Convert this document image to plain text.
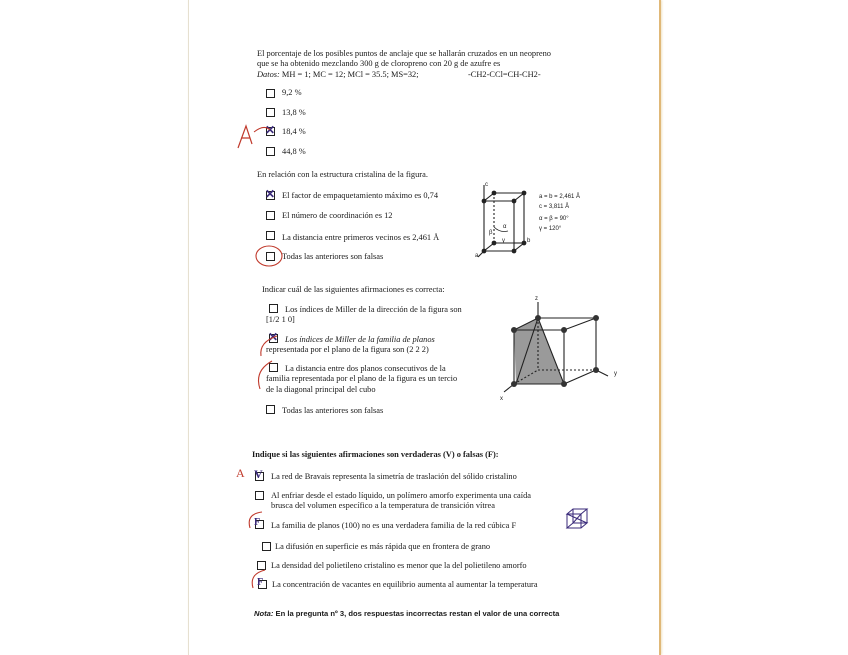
El porcentaje de los posibles puntos de anclaje que se hallarán cruzados en un neopreno
que se ha obtenido mezclando 300 g de cloropreno con 20 g de azufre es
Datos: MH = 1; MC = 12; MCl = 35.5; MS=32;	-CH2-CCl=CH-CH2-
9,2 %
13,8 %
✕ 18,4 %
44,8 %
En relación con la estructura cristalina de la figura.
✕ El factor de empaquetamiento máximo es 0,74
El número de coordinación es 12
La distancia entre primeros vecinos es 2,461 Å
Todas las anteriores son falsas
c
a
b
α
β
γ
a = b = 2,461 Å
c = 3,811 Å
α = β = 90°
γ = 120°
Indicar cuál de las siguientes afirmaciones es correcta:
Los índices de Miller de la dirección de la figura son
[1/2 1 0]
✕ Los índices de Miller de la familia de planos
representada por el plano de la figura son (2 2 2)
La distancia entre dos planos consecutivos de la
familia representada por el plano de la figura es un tercio
de la diagonal principal del cubo
Todas las anteriores son falsas
z
y
x
Indique si las siguientes afirmaciones son verdaderas (V) o falsas (F):
V La red de Bravais representa la simetría de traslación del sólido cristalino
A
Al enfriar desde el estado líquido, un polímero amorfo experimenta una caída
brusca del volumen específico a la temperatura de transición vítrea
F La familia de planos (100) no es una verdadera familia de la red cúbica F
La difusión en superficie es más rápida que en frontera de grano
La densidad del polietileno cristalino es menor que la del polietileno amorfo
F La concentración de vacantes en equilibrio aumenta al aumentar la temperatura
Nota: En la pregunta nº 3, dos respuestas incorrectas restan el valor de una correcta
